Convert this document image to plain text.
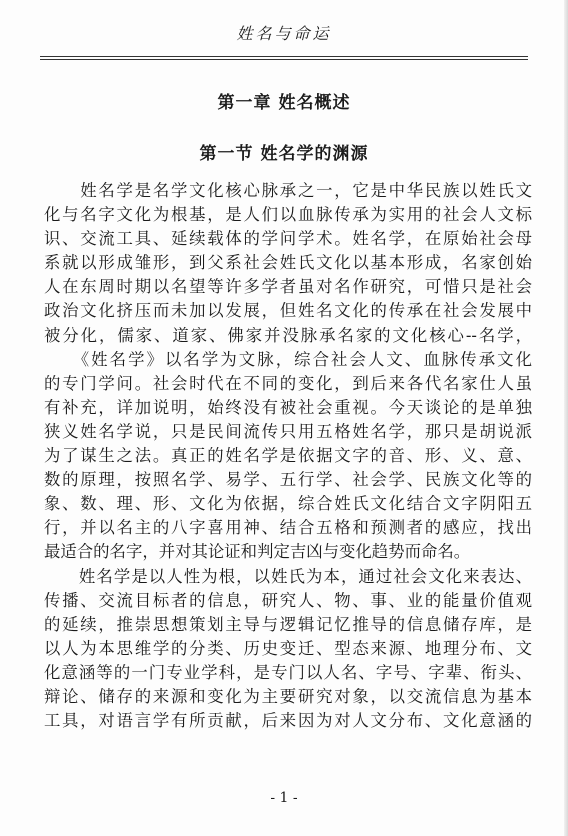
姓名与命运
第一章 姓名概述
第一节 姓名学的渊源
　　姓名学是名学文化核心脉承之一，它是中华民族以姓氏文
化与名字文化为根基，是人们以血脉传承为实用的社会人文标
识、交流工具、延续载体的学问学术。姓名学，在原始社会母
系就以形成雏形，到父系社会姓氏文化以基本形成，名家创始
人在东周时期以名望等许多学者虽对名作研究，可惜只是社会
政治文化挤压而未加以发展，但姓名文化的传承在社会发展中
被分化，儒家、道家、佛家并没脉承名家的文化核心--名学，
　　《姓名学》以名学为文脉，综合社会人文、血脉传承文化
的专门学问。社会时代在不同的变化，到后来各代名家仕人虽
有补充，详加说明，始终没有被社会重视。今天谈论的是单独
狭义姓名学说，只是民间流传只用五格姓名学，那只是胡说派
为了谋生之法。真正的姓名学是依据文字的音、形、义、意、
数的原理，按照名学、易学、五行学、社会学、民族文化等的
象、数、理、形、文化为依据，综合姓氏文化结合文字阴阳五
行，并以名主的八字喜用神、结合五格和预测者的感应，找出
最适合的名字，并对其论证和判定吉凶与变化趋势而命名。
　　姓名学是以人性为根，以姓氏为本，通过社会文化来表达、
传播、交流目标者的信息，研究人、物、事、业的能量价值观
的延续，推崇思想策划主导与逻辑记忆推导的信息储存库，是
以人为本思维学的分类、历史变迁、型态来源、地理分布、文
化意涵等的一门专业学科，是专门以人名、字号、字辈、衔头、
辩论、储存的来源和变化为主要研究对象，以交流信息为基本
工具，对语言学有所贡献，后来因为对人文分布、文化意涵的
- 1 -
